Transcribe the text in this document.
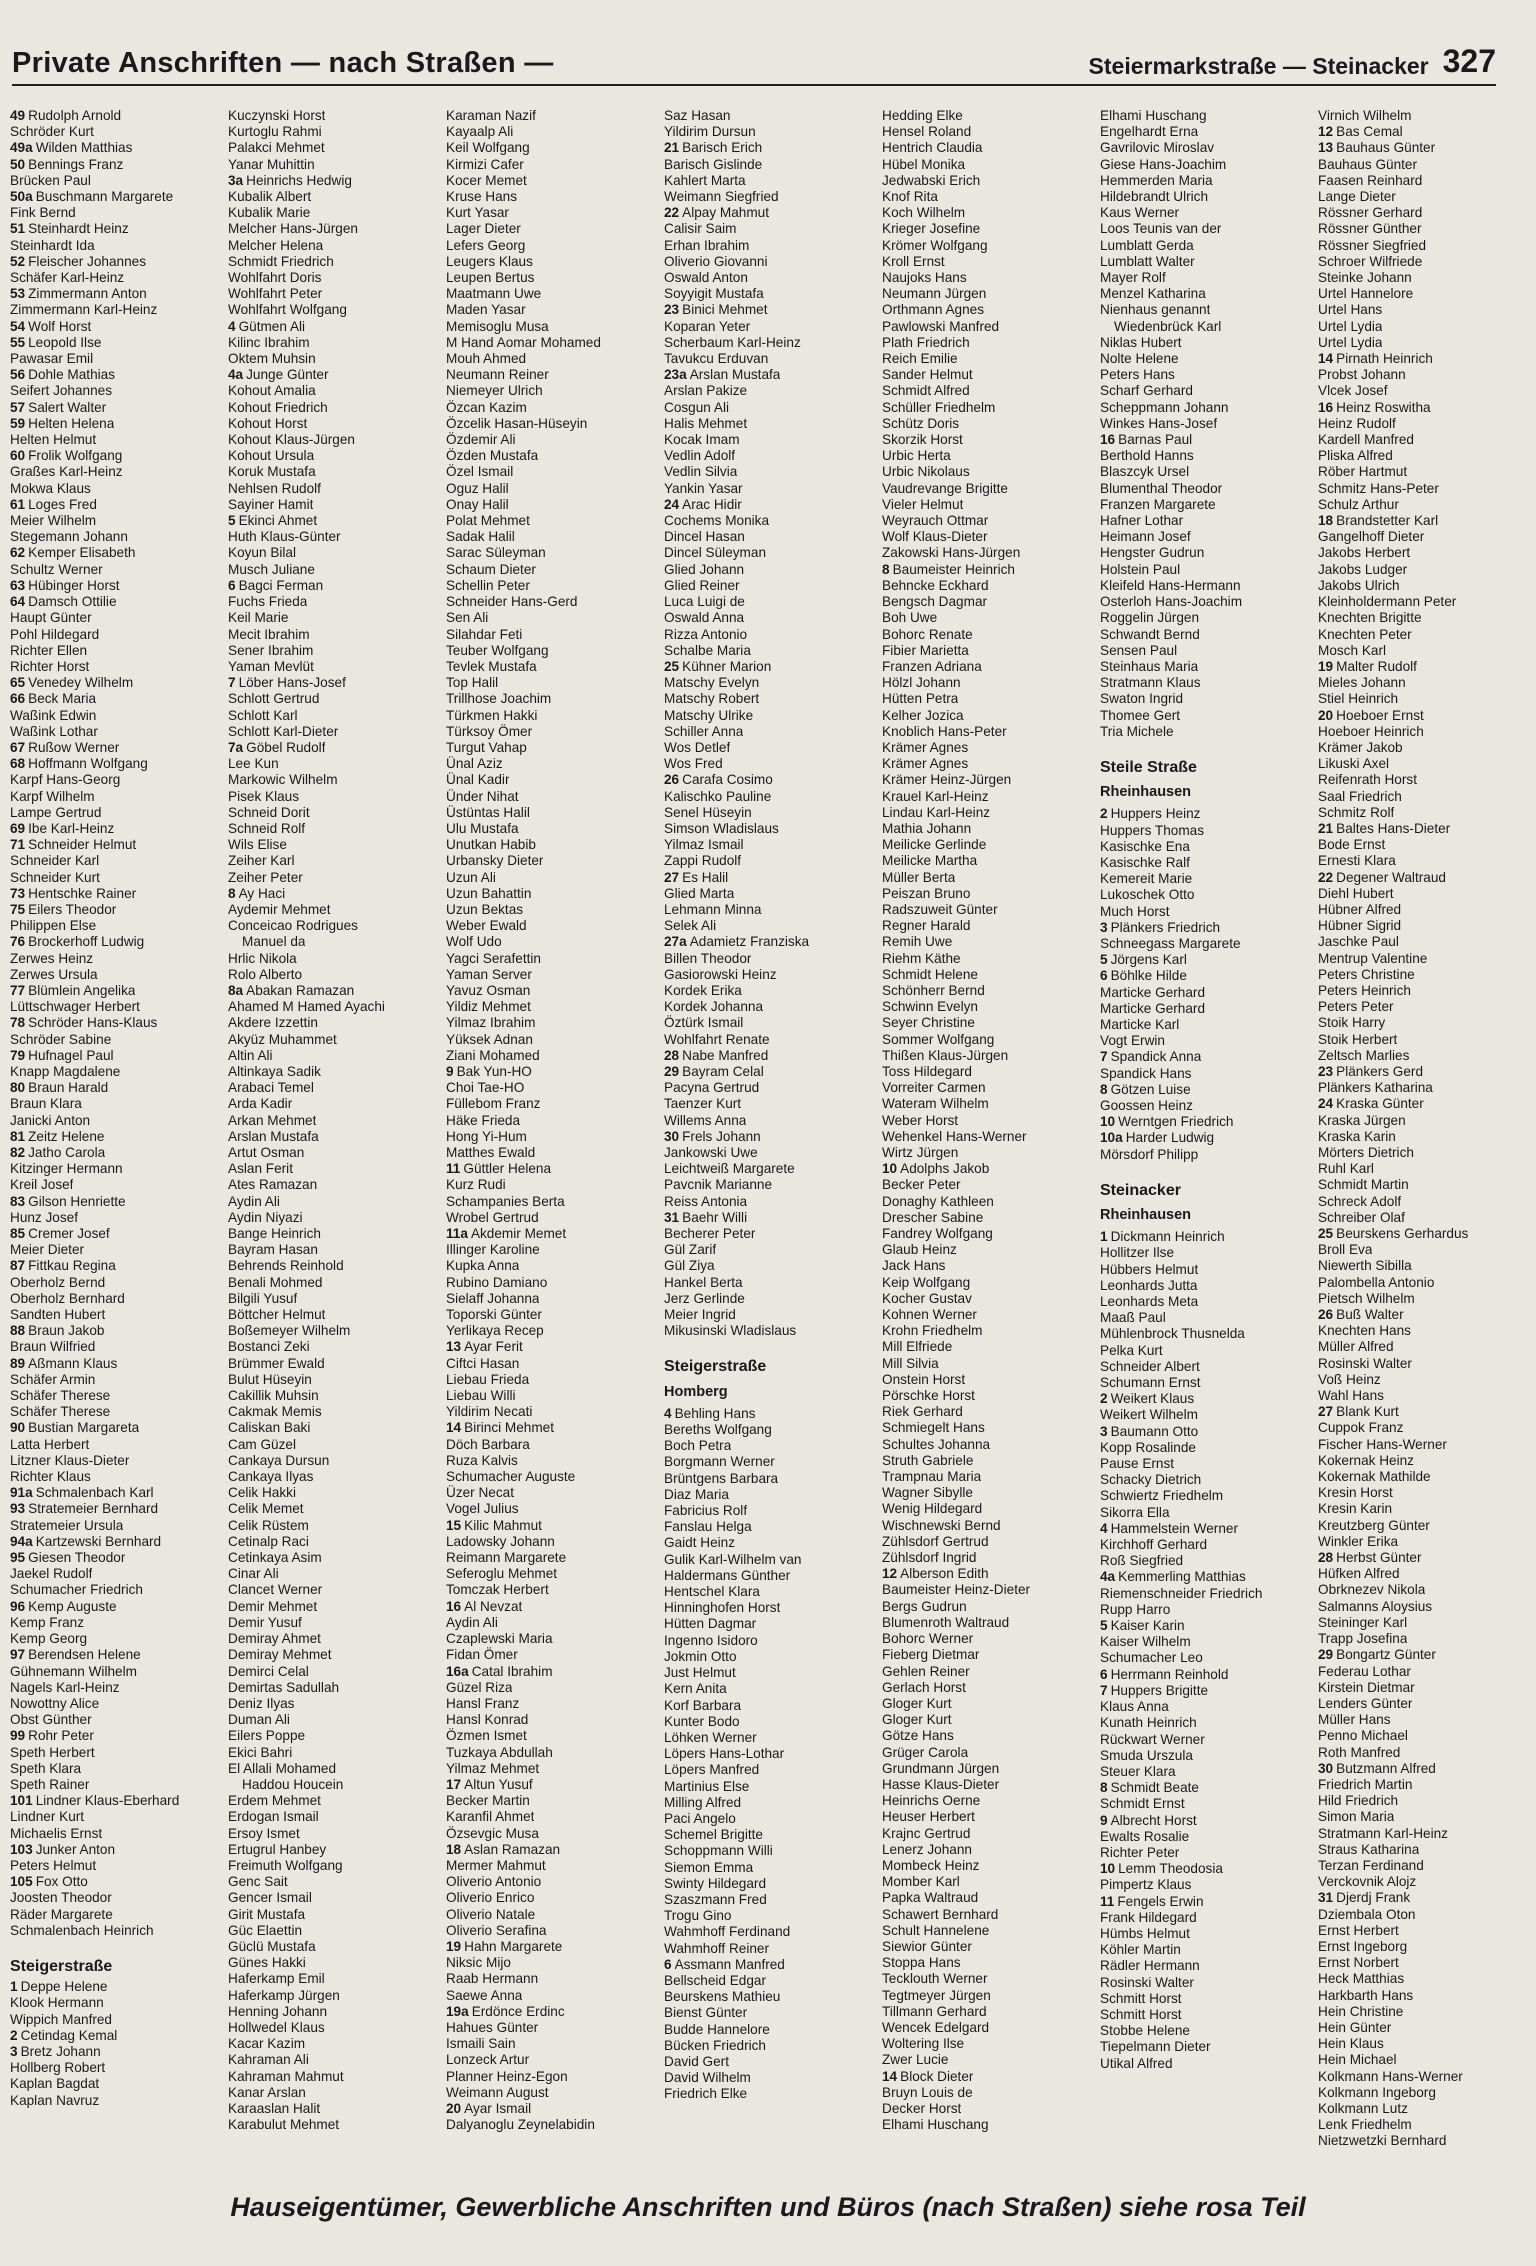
Private Anschriften — nach Straßen —	Steiermarkstraße — Steinacker 327
49 Rudolph Arnold
Schröder Kurt
49a Wilden Matthias
50 Bennings Franz
Brücken Paul
50a Buschmann Margarete
Fink Bernd
51 Steinhardt Heinz
Steinhardt Ida
52 Fleischer Johannes
Schäfer Karl-Heinz
53 Zimmermann Anton
Zimmermann Karl-Heinz
54 Wolf Horst
55 Leopold Ilse
Pawasar Emil
56 Dohle Mathias
Seifert Johannes
57 Salert Walter
59 Helten Helena
Helten Helmut
60 Frolik Wolfgang
Graßes Karl-Heinz
Mokwa Klaus
61 Loges Fred
Meier Wilhelm
Stegemann Johann
62 Kemper Elisabeth
Schultz Werner
63 Hübinger Horst
64 Damsch Ottilie
Haupt Günter
Pohl Hildegard
Richter Ellen
Richter Horst
65 Venedey Wilhelm
66 Beck Maria
Waßink Edwin
Waßink Lothar
67 Rußow Werner
68 Hoffmann Wolfgang
Karpf Hans-Georg
Karpf Wilhelm
Lampe Gertrud
69 Ibe Karl-Heinz
71 Schneider Helmut
Schneider Karl
Schneider Kurt
73 Hentschke Rainer
75 Eilers Theodor
Philippen Else
76 Brockerhoff Ludwig
Zerwes Heinz
Zerwes Ursula
77 Blümlein Angelika
Lüttschwager Herbert
78 Schröder Hans-Klaus
Schröder Sabine
79 Hufnagel Paul
Knapp Magdalene
80 Braun Harald
Braun Klara
Janicki Anton
81 Zeitz Helene
82 Jatho Carola
Kitzinger Hermann
Kreil Josef
83 Gilson Henriette
Hunz Josef
85 Cremer Josef
Meier Dieter
87 Fittkau Regina
Oberholz Bernd
Oberholz Bernhard
Sandten Hubert
88 Braun Jakob
Braun Wilfried
89 Aßmann Klaus
Schäfer Armin
Schäfer Therese
Schäfer Therese
90 Bustian Margareta
Latta Herbert
Litzner Klaus-Dieter
Richter Klaus
91a Schmalenbach Karl
93 Stratemeier Bernhard
Stratemeier Ursula
94a Kartzewski Bernhard
95 Giesen Theodor
Jaekel Rudolf
Schumacher Friedrich
96 Kemp Auguste
Kemp Franz
Kemp Georg
97 Berendsen Helene
Gühnemann Wilhelm
Nagels Karl-Heinz
Nowottny Alice
Obst Günther
99 Rohr Peter
Speth Herbert
Speth Klara
Speth Rainer
101 Lindner Klaus-Eberhard
Lindner Kurt
Michaelis Ernst
103 Junker Anton
Peters Helmut
105 Fox Otto
Joosten Theodor
Räder Margarete
Schmalenbach Heinrich
Steigerstraße
1 Deppe Helene
Klook Hermann
Wippich Manfred
2 Cetindag Kemal
3 Bretz Johann
Hollberg Robert
Kaplan Bagdat
Kaplan Navruz
Kuczynski Horst
Kurtoglu Rahmi
Palakci Mehmet
Yanar Muhittin
3a Heinrichs Hedwig
Kubalik Albert
Kubalik Marie
Melcher Hans-Jürgen
Melcher Helena
Schmidt Friedrich
Wohlfahrt Doris
Wohlfahrt Peter
Wohlfahrt Wolfgang
4 Gütmen Ali
Kilinc Ibrahim
Oktem Muhsin
4a Junge Günter
Kohout Amalia
Kohout Friedrich
Kohout Horst
Kohout Klaus-Jürgen
Kohout Ursula
Koruk Mustafa
Nehlsen Rudolf
Sayiner Hamit
5 Ekinci Ahmet
Huth Klaus-Günter
Koyun Bilal
Musch Juliane
6 Bagci Ferman
Fuchs Frieda
Keil Marie
Mecit Ibrahim
Sener Ibrahim
Yaman Mevlüt
7 Löber Hans-Josef
Schlott Gertrud
Schlott Karl
Schlott Karl-Dieter
7a Göbel Rudolf
Lee Kun
Markowic Wilhelm
Pisek Klaus
Schneid Dorit
Schneid Rolf
Wils Elise
Zeiher Karl
Zeiher Peter
8 Ay Haci
Aydemir Mehmet
Conceicao Rodrigues
Manuel da
Hrlic Nikola
Rolo Alberto
8a Abakan Ramazan
Ahamed M Hamed Ayachi
Akdere Izzettin
Akyüz Muhammet
Altin Ali
Altinkaya Sadik
Arabaci Temel
Arda Kadir
Arkan Mehmet
Arslan Mustafa
Artut Osman
Aslan Ferit
Ates Ramazan
Aydin Ali
Aydin Niyazi
Bange Heinrich
Bayram Hasan
Behrends Reinhold
Benali Mohmed
Bilgili Yusuf
Böttcher Helmut
Boßemeyer Wilhelm
Bostanci Zeki
Brümmer Ewald
Bulut Hüseyin
Cakillik Muhsin
Cakmak Memis
Caliskan Baki
Cam Güzel
Cankaya Dursun
Cankaya Ilyas
Celik Hakki
Celik Memet
Celik Rüstem
Cetinalp Raci
Cetinkaya Asim
Cinar Ali
Clancet Werner
Demir Mehmet
Demir Yusuf
Demiray Ahmet
Demiray Mehmet
Demirci Celal
Demirtas Sadullah
Deniz Ilyas
Duman Ali
Eilers Poppe
Ekici Bahri
El Allali Mohamed
Haddou Houcein
Erdem Mehmet
Erdogan Ismail
Ersoy Ismet
Ertugrul Hanbey
Freimuth Wolfgang
Genc Sait
Gencer Ismail
Girit Mustafa
Güc Elaettin
Güclü Mustafa
Günes Hakki
Haferkamp Emil
Haferkamp Jürgen
Henning Johann
Hollwedel Klaus
Kacar Kazim
Kahraman Ali
Kahraman Mahmut
Kanar Arslan
Karaaslan Halit
Karabulut Mehmet
Karaman Nazif
Kayaalp Ali
Keil Wolfgang
Kirmizi Cafer
Kocer Memet
Kruse Hans
Kurt Yasar
Lager Dieter
Lefers Georg
Leugers Klaus
Leupen Bertus
Maatmann Uwe
Maden Yasar
Memisoglu Musa
M Hand Aomar Mohamed
Mouh Ahmed
Neumann Reiner
Niemeyer Ulrich
Özcan Kazim
Özcelik Hasan-Hüseyin
Özdemir Ali
Özden Mustafa
Özel Ismail
Oguz Halil
Onay Halil
Polat Mehmet
Sadak Halil
Sarac Süleyman
Schaum Dieter
Schellin Peter
Schneider Hans-Gerd
Sen Ali
Silahdar Feti
Teuber Wolfgang
Tevlek Mustafa
Top Halil
Trillhose Joachim
Türkmen Hakki
Türksoy Ömer
Turgut Vahap
Ünal Aziz
Ünal Kadir
Ünder Nihat
Üstüntas Halil
Ulu Mustafa
Unutkan Habib
Urbansky Dieter
Uzun Ali
Uzun Bahattin
Uzun Bektas
Weber Ewald
Wolf Udo
Yagci Serafettin
Yaman Server
Yavuz Osman
Yildiz Mehmet
Yilmaz Ibrahim
Yüksek Adnan
Ziani Mohamed
9 Bak Yun-HO
Choi Tae-HO
Füllebom Franz
Häke Frieda
Hong Yi-Hum
Matthes Ewald
11 Güttler Helena
Kurz Rudi
Schampanies Berta
Wrobel Gertrud
11a Akdemir Memet
Illinger Karoline
Kupka Anna
Rubino Damiano
Sielaff Johanna
Toporski Günter
Yerlikaya Recep
13 Ayar Ferit
Ciftci Hasan
Liebau Frieda
Liebau Willi
Yildirim Necati
14 Birinci Mehmet
Döch Barbara
Ruza Kalvis
Schumacher Auguste
Üzer Necat
Vogel Julius
15 Kilic Mahmut
Ladowsky Johann
Reimann Margarete
Seferoglu Mehmet
Tomczak Herbert
16 Al Nevzat
Aydin Ali
Czaplewski Maria
Fidan Ömer
16a Catal Ibrahim
Güzel Riza
Hansl Franz
Hansl Konrad
Özmen Ismet
Tuzkaya Abdullah
Yilmaz Mehmet
17 Altun Yusuf
Becker Martin
Karanfil Ahmet
Özsevgic Musa
18 Aslan Ramazan
Mermer Mahmut
Oliverio Antonio
Oliverio Enrico
Oliverio Natale
Oliverio Serafina
19 Hahn Margarete
Niksic Mijo
Raab Hermann
Saewe Anna
19a Erdönce Erdinc
Hahues Günter
Ismaili Sain
Lonzeck Artur
Planner Heinz-Egon
Weimann August
20 Ayar Ismail
Dalyanoglu Zeynelabidin
Saz Hasan
Yildirim Dursun
21 Barisch Erich
Barisch Gislinde
Kahlert Marta
Weimann Siegfried
22 Alpay Mahmut
Calisir Saim
Erhan Ibrahim
Oliverio Giovanni
Oswald Anton
Soyyigit Mustafa
23 Binici Mehmet
Koparan Yeter
Scherbaum Karl-Heinz
Tavukcu Erduvan
23a Arslan Mustafa
Arslan Pakize
Cosgun Ali
Halis Mehmet
Kocak Imam
Vedlin Adolf
Vedlin Silvia
Yankin Yasar
24 Arac Hidir
Cochems Monika
Dincel Hasan
Dincel Süleyman
Glied Johann
Glied Reiner
Luca Luigi de
Oswald Anna
Rizza Antonio
Schalbe Maria
25 Kühner Marion
Matschy Evelyn
Matschy Robert
Matschy Ulrike
Schiller Anna
Wos Detlef
Wos Fred
26 Carafa Cosimo
Kalischko Pauline
Senel Hüseyin
Simson Wladislaus
Yilmaz Ismail
Zappi Rudolf
27 Es Halil
Glied Marta
Lehmann Minna
Selek Ali
27a Adamietz Franziska
Billen Theodor
Gasiorowski Heinz
Kordek Erika
Kordek Johanna
Öztürk Ismail
Wohlfahrt Renate
28 Nabe Manfred
29 Bayram Celal
Pacyna Gertrud
Taenzer Kurt
Willems Anna
30 Frels Johann
Jankowski Uwe
Leichtweiß Margarete
Pavcnik Marianne
Reiss Antonia
31 Baehr Willi
Becherer Peter
Gül Zarif
Gül Ziya
Hankel Berta
Jerz Gerlinde
Meier Ingrid
Mikusinski Wladislaus
Steigerstraße
Homberg
4 Behling Hans
Bereths Wolfgang
Boch Petra
Borgmann Werner
Brüntgens Barbara
Diaz Maria
Fabricius Rolf
Fanslau Helga
Gaidt Heinz
Gulik Karl-Wilhelm van
Haldermans Günther
Hentschel Klara
Hinninghofen Horst
Hütten Dagmar
Ingenno Isidoro
Jokmin Otto
Just Helmut
Kern Anita
Korf Barbara
Kunter Bodo
Löhken Werner
Löpers Hans-Lothar
Löpers Manfred
Martinius Else
Milling Alfred
Paci Angelo
Schemel Brigitte
Schoppmann Willi
Siemon Emma
Swinty Hildegard
Szaszmann Fred
Trogu Gino
Wahmhoff Ferdinand
Wahmhoff Reiner
6 Assmann Manfred
Bellscheid Edgar
Beurskens Mathieu
Bienst Günter
Budde Hannelore
Bücken Friedrich
David Gert
David Wilhelm
Friedrich Elke
Hedding Elke
Hensel Roland
Hentrich Claudia
Hübel Monika
Jedwabski Erich
Knof Rita
Koch Wilhelm
Krieger Josefine
Krömer Wolfgang
Kroll Ernst
Naujoks Hans
Neumann Jürgen
Orthmann Agnes
Pawlowski Manfred
Plath Friedrich
Reich Emilie
Sander Helmut
Schmidt Alfred
Schüller Friedhelm
Schütz Doris
Skorzik Horst
Urbic Herta
Urbic Nikolaus
Vaudrevange Brigitte
Vieler Helmut
Weyrauch Ottmar
Wolf Klaus-Dieter
Zakowski Hans-Jürgen
8 Baumeister Heinrich
Behncke Eckhard
Bengsch Dagmar
Boh Uwe
Bohorc Renate
Fibier Marietta
Franzen Adriana
Hölzl Johann
Hütten Petra
Kelher Jozica
Knoblich Hans-Peter
Krämer Agnes
Krämer Agnes
Krämer Heinz-Jürgen
Krauel Karl-Heinz
Lindau Karl-Heinz
Mathia Johann
Meilicke Gerlinde
Meilicke Martha
Müller Berta
Peiszan Bruno
Radszuweit Günter
Regner Harald
Remih Uwe
Riehm Käthe
Schmidt Helene
Schönherr Bernd
Schwinn Evelyn
Seyer Christine
Sommer Wolfgang
Thißen Klaus-Jürgen
Toss Hildegard
Vorreiter Carmen
Wateram Wilhelm
Weber Horst
Wehenkel Hans-Werner
Wirtz Jürgen
10 Adolphs Jakob
Becker Peter
Donaghy Kathleen
Drescher Sabine
Fandrey Wolfgang
Glaub Heinz
Jack Hans
Keip Wolfgang
Kocher Gustav
Kohnen Werner
Krohn Friedhelm
Mill Elfriede
Mill Silvia
Onstein Horst
Pörschke Horst
Riek Gerhard
Schmiegelt Hans
Schultes Johanna
Struth Gabriele
Trampnau Maria
Wagner Sibylle
Wenig Hildegard
Wischnewski Bernd
Zühlsdorf Gertrud
Zühlsdorf Ingrid
12 Alberson Edith
Baumeister Heinz-Dieter
Bergs Gudrun
Blumenroth Waltraud
Bohorc Werner
Fieberg Dietmar
Gehlen Reiner
Gerlach Horst
Gloger Kurt
Gloger Kurt
Götze Hans
Grüger Carola
Grundmann Jürgen
Hasse Klaus-Dieter
Heinrichs Oerne
Heuser Herbert
Krajnc Gertrud
Lenerz Johann
Mombeck Heinz
Momber Karl
Papka Waltraud
Schawert Bernhard
Schult Hannelene
Siewior Günter
Stoppa Hans
Tecklouth Werner
Tegtmeyer Jürgen
Tillmann Gerhard
Wencek Edelgard
Woltering Ilse
Zwer Lucie
14 Block Dieter
Bruyn Louis de
Decker Horst
Elhami Huschang
Elhami Huschang
Engelhardt Erna
Gavrilovic Miroslav
Giese Hans-Joachim
Hemmerden Maria
Hildebrandt Ulrich
Kaus Werner
Loos Teunis van der
Lumblatt Gerda
Lumblatt Walter
Mayer Rolf
Menzel Katharina
Nienhaus genannt
Wiedenbrück Karl
Niklas Hubert
Nolte Helene
Peters Hans
Scharf Gerhard
Scheppmann Johann
Winkes Hans-Josef
16 Barnas Paul
Berthold Hanns
Blaszcyk Ursel
Blumenthal Theodor
Franzen Margarete
Hafner Lothar
Heimann Josef
Hengster Gudrun
Holstein Paul
Kleifeld Hans-Hermann
Osterloh Hans-Joachim
Roggelin Jürgen
Schwandt Bernd
Sensen Paul
Steinhaus Maria
Stratmann Klaus
Swaton Ingrid
Thomee Gert
Tria Michele
Steile Straße
Rheinhausen
2 Huppers Heinz
Huppers Thomas
Kasischke Ena
Kasischke Ralf
Kemereit Marie
Lukoschek Otto
Much Horst
3 Plänkers Friedrich
Schneegass Margarete
5 Jörgens Karl
6 Böhlke Hilde
Marticke Gerhard
Marticke Gerhard
Marticke Karl
Vogt Erwin
7 Spandick Anna
Spandick Hans
8 Götzen Luise
Goossen Heinz
10 Werntgen Friedrich
10a Harder Ludwig
Mörsdorf Philipp
Steinacker
Rheinhausen
1 Dickmann Heinrich
Hollitzer Ilse
Hübbers Helmut
Leonhards Jutta
Leonhards Meta
Maaß Paul
Mühlenbrock Thusnelda
Pelka Kurt
Schneider Albert
Schumann Ernst
2 Weikert Klaus
Weikert Wilhelm
3 Baumann Otto
Kopp Rosalinde
Pause Ernst
Schacky Dietrich
Schwiertz Friedhelm
Sikorra Ella
4 Hammelstein Werner
Kirchhoff Gerhard
Roß Siegfried
4a Kemmerling Matthias
Riemenschneider Friedrich
Rupp Harro
5 Kaiser Karin
Kaiser Wilhelm
Schumacher Leo
6 Herrmann Reinhold
7 Huppers Brigitte
Klaus Anna
Kunath Heinrich
Rückwart Werner
Smuda Urszula
Steuer Klara
8 Schmidt Beate
Schmidt Ernst
9 Albrecht Horst
Ewalts Rosalie
Richter Peter
10 Lemm Theodosia
Pimpertz Klaus
11 Fengels Erwin
Frank Hildegard
Hümbs Helmut
Köhler Martin
Rädler Hermann
Rosinski Walter
Schmitt Horst
Schmitt Horst
Stobbe Helene
Tiepelmann Dieter
Utikal Alfred
Virnich Wilhelm
12 Bas Cemal
13 Bauhaus Günter
Bauhaus Günter
Faasen Reinhard
Lange Dieter
Rössner Gerhard
Rössner Günther
Rössner Siegfried
Schroer Wilfriede
Steinke Johann
Urtel Hannelore
Urtel Hans
Urtel Lydia
Urtel Lydia
14 Pirnath Heinrich
Probst Johann
Vlcek Josef
16 Heinz Roswitha
Heinz Rudolf
Kardell Manfred
Pliska Alfred
Röber Hartmut
Schmitz Hans-Peter
Schulz Arthur
18 Brandstetter Karl
Gangelhoff Dieter
Jakobs Herbert
Jakobs Ludger
Jakobs Ulrich
Kleinholdermann Peter
Knechten Brigitte
Knechten Peter
Mosch Karl
19 Malter Rudolf
Mieles Johann
Stiel Heinrich
20 Hoeboer Ernst
Hoeboer Heinrich
Krämer Jakob
Likuski Axel
Reifenrath Horst
Saal Friedrich
Schmitz Rolf
21 Baltes Hans-Dieter
Bode Ernst
Ernesti Klara
22 Degener Waltraud
Diehl Hubert
Hübner Alfred
Hübner Sigrid
Jaschke Paul
Mentrup Valentine
Peters Christine
Peters Heinrich
Peters Peter
Stoik Harry
Stoik Herbert
Zeltsch Marlies
23 Plänkers Gerd
Plänkers Katharina
24 Kraska Günter
Kraska Jürgen
Kraska Karin
Mörters Dietrich
Ruhl Karl
Schmidt Martin
Schreck Adolf
Schreiber Olaf
25 Beurskens Gerhardus
Broll Eva
Niewerth Sibilla
Palombella Antonio
Pietsch Wilhelm
26 Buß Walter
Knechten Hans
Müller Alfred
Rosinski Walter
Voß Heinz
Wahl Hans
27 Blank Kurt
Cuppok Franz
Fischer Hans-Werner
Kokernak Heinz
Kokernak Mathilde
Kresin Horst
Kresin Karin
Kreutzberg Günter
Winkler Erika
28 Herbst Günter
Hüfken Alfred
Obrknezev Nikola
Salmanns Aloysius
Steininger Karl
Trapp Josefina
29 Bongartz Günter
Federau Lothar
Kirstein Dietmar
Lenders Günter
Müller Hans
Penno Michael
Roth Manfred
30 Butzmann Alfred
Friedrich Martin
Hild Friedrich
Simon Maria
Stratmann Karl-Heinz
Straus Katharina
Terzan Ferdinand
Verckovnik Alojz
31 Djerdj Frank
Dziembala Oton
Ernst Herbert
Ernst Ingeborg
Ernst Norbert
Heck Matthias
Harkbarth Hans
Hein Christine
Hein Günter
Hein Klaus
Hein Michael
Kolkmann Hans-Werner
Kolkmann Ingeborg
Kolkmann Lutz
Lenk Friedhelm
Nietzwetzki Bernhard
Hauseigentümer, Gewerbliche Anschriften und Büros (nach Straßen) siehe rosa Teil
